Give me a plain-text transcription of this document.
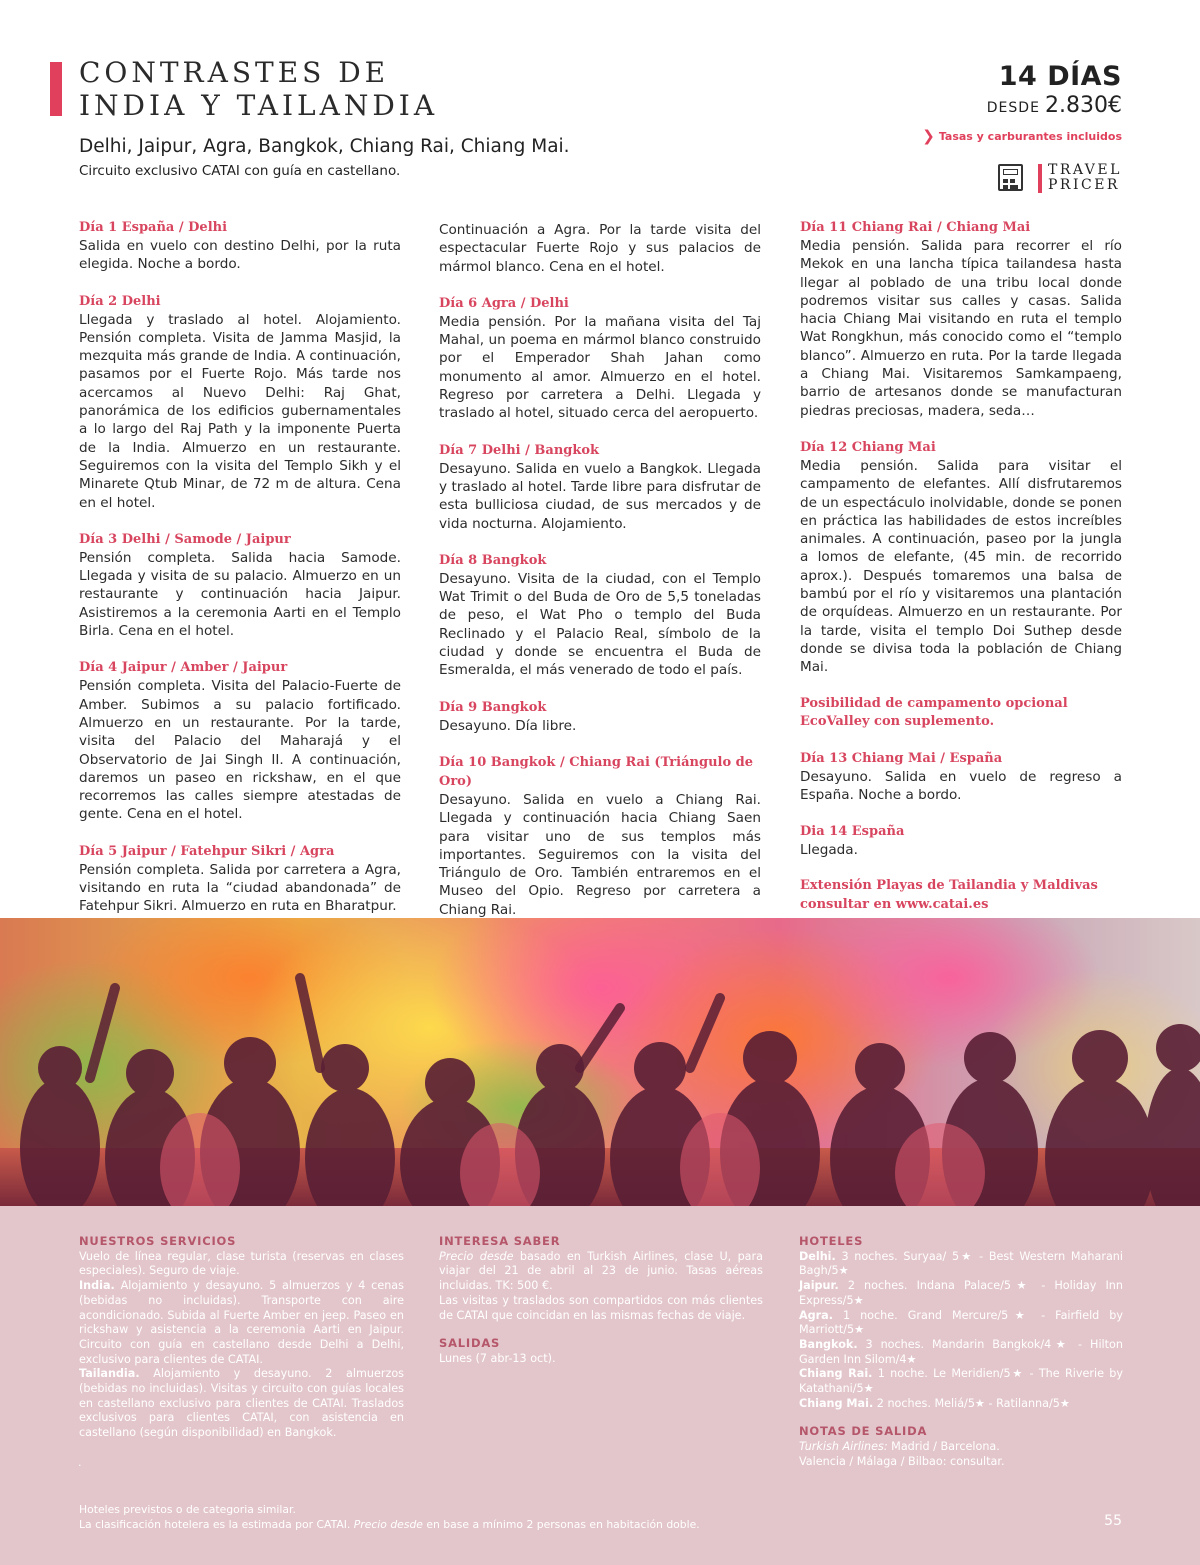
CONTRASTES DE
INDIA Y TAILANDIA
Delhi, Jaipur, Agra, Bangkok, Chiang Rai, Chiang Mai.
Circuito exclusivo CATAI con guía en castellano.
14 DÍAS
DESDE 2.830€
❯ Tasas y carburantes incluidos
TRAVEL
PRICER
Día 1 España / Delhi

Salida en vuelo con destino Delhi, por la ruta elegida. Noche a bordo.

Día 2 Delhi

Llegada y traslado al hotel. Alojamiento. Pensión completa. Visita de Jamma Masjid, la mezquita más grande de India. A continuación, pasamos por el Fuerte Rojo. Más tarde nos acercamos al Nuevo Delhi: Raj Ghat, panorámica de los edificios gubernamentales a lo largo del Raj Path y la imponente Puerta de la India. Almuerzo en un restaurante. Seguiremos con la visita del Templo Sikh y el Minarete Qtub Minar, de 72 m de altura. Cena en el hotel.

Día 3 Delhi / Samode / Jaipur

Pensión completa. Salida hacia Samode. Llegada y visita de su palacio. Almuerzo en un restaurante y continuación hacia Jaipur. Asistiremos a la ceremonia Aarti en el Templo Birla. Cena en el hotel.

Día 4 Jaipur / Amber / Jaipur

Pensión completa. Visita del Palacio-Fuerte de Amber. Subimos a su palacio fortificado. Almuerzo en un restaurante. Por la tarde, visita del Palacio del Maharajá y el Observatorio de Jai Singh II. A continuación, daremos un paseo en rickshaw, en el que recorremos las calles siempre atestadas de gente. Cena en el hotel.

Día 5 Jaipur / Fatehpur Sikri / Agra

Pensión completa. Salida por carretera a Agra, visitando en ruta la “ciudad abandonada” de Fatehpur Sikri. Almuerzo en ruta en Bharatpur.

Continuación a Agra. Por la tarde visita del espectacular Fuerte Rojo y sus palacios de mármol blanco. Cena en el hotel.

Día 6 Agra / Delhi

Media pensión. Por la mañana visita del Taj Mahal, un poema en mármol blanco construido por el Emperador Shah Jahan como monumento al amor. Almuerzo en el hotel. Regreso por carretera a Delhi. Llegada y traslado al hotel, situado cerca del aeropuerto.

Día 7 Delhi / Bangkok

Desayuno. Salida en vuelo a Bangkok. Llegada y traslado al hotel. Tarde libre para disfrutar de esta bulliciosa ciudad, de sus mercados y de vida nocturna. Alojamiento.

Día 8 Bangkok

Desayuno. Visita de la ciudad, con el Templo Wat Trimit o del Buda de Oro de 5,5 toneladas de peso, el Wat Pho o templo del Buda Reclinado y el Palacio Real, símbolo de la ciudad y donde se encuentra el Buda de Esmeralda, el más venerado de todo el país.

Día 9 Bangkok

Desayuno. Día libre.

Día 10 Bangkok / Chiang Rai (Triángulo de Oro)

Desayuno. Salida en vuelo a Chiang Rai. Llegada y continuación hacia Chiang Saen para visitar uno de sus templos más importantes. Seguiremos con la visita del Triángulo de Oro. También entraremos en el Museo del Opio. Regreso por carretera a Chiang Rai.

Día 11 Chiang Rai / Chiang Mai

Media pensión. Salida para recorrer el río Mekok en una lancha típica tailandesa hasta llegar al poblado de una tribu local donde podremos visitar sus calles y casas. Salida hacia Chiang Mai visitando en ruta el templo Wat Rongkhun, más conocido como el “templo blanco”. Almuerzo en ruta. Por la tarde llegada a Chiang Mai. Visitaremos Samkampaeng, barrio de artesanos donde se manufacturan piedras preciosas, madera, seda…

Día 12 Chiang Mai

Media pensión. Salida para visitar el campamento de elefantes. Allí disfrutaremos de un espectáculo inolvidable, donde se ponen en práctica las habilidades de estos increíbles animales. A continuación, paseo por la jungla a lomos de elefante, (45 min. de recorrido aprox.). Después tomaremos una balsa de bambú por el río y visitaremos una plantación de orquídeas. Almuerzo en un restaurante. Por la tarde, visita el templo Doi Suthep desde donde se divisa toda la población de Chiang Mai.

Posibilidad de campamento opcional EcoValley con suplemento.
Día 13 Chiang Mai / España

Desayuno. Salida en vuelo de regreso a España. Noche a bordo.

Dia 14 España

Llegada.

Extensión Playas de Tailandia y Maldivas consultar en www.catai.es
NUESTROS SERVICIOS

Vuelo de línea regular, clase turista (reservas en clases especiales). Seguro de viaje.

India. Alojamiento y desayuno. 5 almuerzos y 4 cenas (bebidas no incluidas). Transporte con aire acondicionado. Subida al Fuerte Amber en jeep. Paseo en rickshaw y asistencia a la ceremonia Aarti en Jaipur. Circuito con guía en castellano desde Delhi a Delhi, exclusivo para clientes de CATAI.

Tailandia. Alojamiento y desayuno. 2 almuerzos (bebidas no incluidas). Visitas y circuito con guías locales en castellano exclusivo para clientes de CATAI. Traslados exclusivos para clientes CATAI, con asistencia en castellano (según disponibilidad) en Bangkok.

.
INTERESA SABER

Precio desde basado en Turkish Airlines, clase U, para viajar del 21 de abril al 23 de junio. Tasas aéreas incluidas. TK: 500 €.

Las visitas y traslados son compartidos con más clientes de CATAI que coincidan en las mismas fechas de viaje.

SALIDAS

Lunes (7 abr-13 oct).

HOTELES

Delhi. 3 noches. Suryaa/ 5★ - Best Western Maharani Bagh/5★

Jaipur. 2 noches. Indana Palace/5★ - Holiday Inn Express/5★

Agra. 1 noche. Grand Mercure/5★ - Fairfield by Marriott/5★

Bangkok. 3 noches. Mandarin Bangkok/4★ - Hilton Garden Inn Silom/4★

Chiang Rai. 1 noche. Le Meridien/5★ - The Riverie by Katathani/5★

Chiang Mai. 2 noches. Meliá/5★ - Ratilanna/5★

NOTAS DE SALIDA

Turkish Airlines: Madrid / Barcelona.

Valencia / Málaga / Bilbao: consultar.

Hoteles previstos o de categoria similar.
La clasificación hotelera es la estimada por CATAI. Precio desde en base a mínimo 2 personas en habitación doble.	55
